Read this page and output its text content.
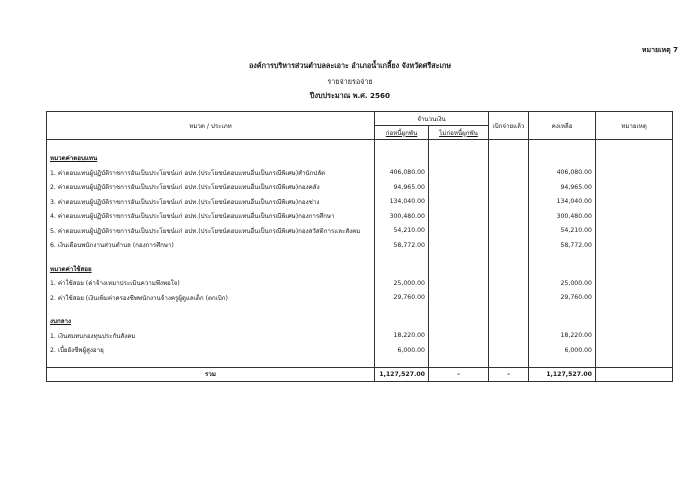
หมายเหตุ 7
องค์การบริหารส่วนตำบลละเอาะ อำเภอน้ำเกลี้ยง จังหวัดศรีสะเกษ
รายจ่ายรอจ่าย
ปีงบประมาณ พ.ศ. 2560
หมวด / ประเภท	จำนวนเงิน		เบิกจ่ายแล้ว	คงเหลือ	หมายเหตุ
	ก่อหนี้ผูกพัน	ไม่ก่อหนี้ผูกพัน			

หมวดค่าตอบแทน					
1. ค่าตอบแทนผู้ปฏิบัติราชการอันเป็นประโยชน์แก่ อปท.(ประโยชน์ตอบแทนอื่นเป็นกรณีพิเศษ)สำนักปลัด	406,080.00			406,080.00	
2. ค่าตอบแทนผู้ปฏิบัติราชการอันเป็นประโยชน์แก่ อปท.(ประโยชน์ตอบแทนอื่นเป็นกรณีพิเศษ)กองคลัง	94,965.00			94,965.00	
3. ค่าตอบแทนผู้ปฏิบัติราชการอันเป็นประโยชน์แก่ อปท.(ประโยชน์ตอบแทนอื่นเป็นกรณีพิเศษ)กองช่าง	134,040.00			134,040.00	
4. ค่าตอบแทนผู้ปฏิบัติราชการอันเป็นประโยชน์แก่ อปท.(ประโยชน์ตอบแทนอื่นเป็นกรณีพิเศษ)กองการศึกษา	300,480.00			300,480.00	
5. ค่าตอบแทนผู้ปฏิบัติราชการอันเป็นประโยชน์แก่ อปท.(ประโยชน์ตอบแทนอื่นเป็นกรณีพิเศษ)กองสวัสดิการและสังคม	54,210.00			54,210.00	
6. เงินเดือนพนักงานส่วนตำบล (กองการศึกษา)	58,772.00			58,772.00	

หมวดค่าใช้สอย					
1. ค่าใช้สอย (ค่าจ้างเหมาประเมินความพึงพอใจ)	25,000.00			25,000.00	
2. ค่าใช้สอย (เงินเพิ่มค่าครองชีพพนักงานจ้างครูผู้ดูแลเด็ก (ตกเบิก)	29,760.00			29,760.00	

งบกลาง					
1. เงินสมทบกองทุนประกันสังคม	18,220.00			18,220.00	
2. เบี้ยยังชีพผู้สูงอายุ	6,000.00			6,000.00	

รวม	1,127,527.00	-	-	1,127,527.00	
